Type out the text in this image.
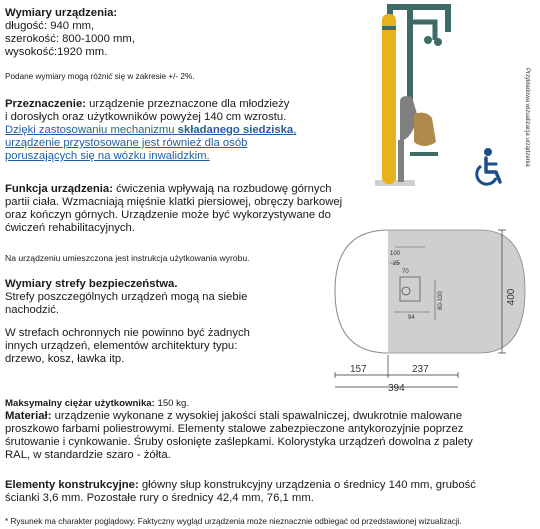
Wymiary urządzenia:
długość: 940 mm,
szerokość: 800-1000 mm,
wysokość:1920 mm.
Podane wymiary mogą różnić się w zakresie +/- 2%.
Przeznaczenie: urządzenie przeznaczone dla młodzieży
i dorosłych oraz użytkowników powyżej 140 cm wzrostu.
Dzięki zastosowaniu mechanizmu składanego siedziska,
urządzenie przystosowane jest również dla osób
poruszających się na wózku inwalidzkim.
Funkcja urządzenia: ćwiczenia wpływają na rozbudowę górnych
partii ciała. Wzmacniają mięśnie klatki piersiowej, obręczy barkowej
oraz kończyn górnych. Urządzenie może być wykorzystywane do
ćwiczeń rehabilitacyjnych.
Na urządzeniu umieszczona jest instrukcja użytkowania wyrobu.
Wymiary strefy bezpieczeństwa.
Strefy poszczególnych urządzeń mogą na siebie
nachodzić.
W strefach ochronnych nie powinno być żadnych
innych urządzeń, elementów architektury typu:
drzewo, kosz, ławka itp.
Przykładowa wizualizacja urządzenia
100
25
70
94
80-100	400
157	237
394
Maksymalny ciężar użytkownika: 150 kg.
Materiał: urządzenie wykonane z wysokiej jakości stali spawalniczej, dwukrotnie malowane
proszkowo farbami poliestrowymi. Elementy stalowe zabezpieczone antykorozyjnie poprzez
śrutowanie i cynkowanie. Śruby osłonięte zaślepkami. Kolorystyka urządzeń dowolna z palety
RAL, w standardzie szaro - żółta.
Elementy konstrukcyjne: główny słup konstrukcyjny urządzenia o średnicy 140 mm, grubość
ścianki 3,6 mm. Pozostałe rury o średnicy 42,4 mm, 76,1 mm.
* Rysunek ma charakter poglądowy. Faktyczny wygląd urządzenia może nieznacznie odbiegać od przedstawionej wizualizacji.
